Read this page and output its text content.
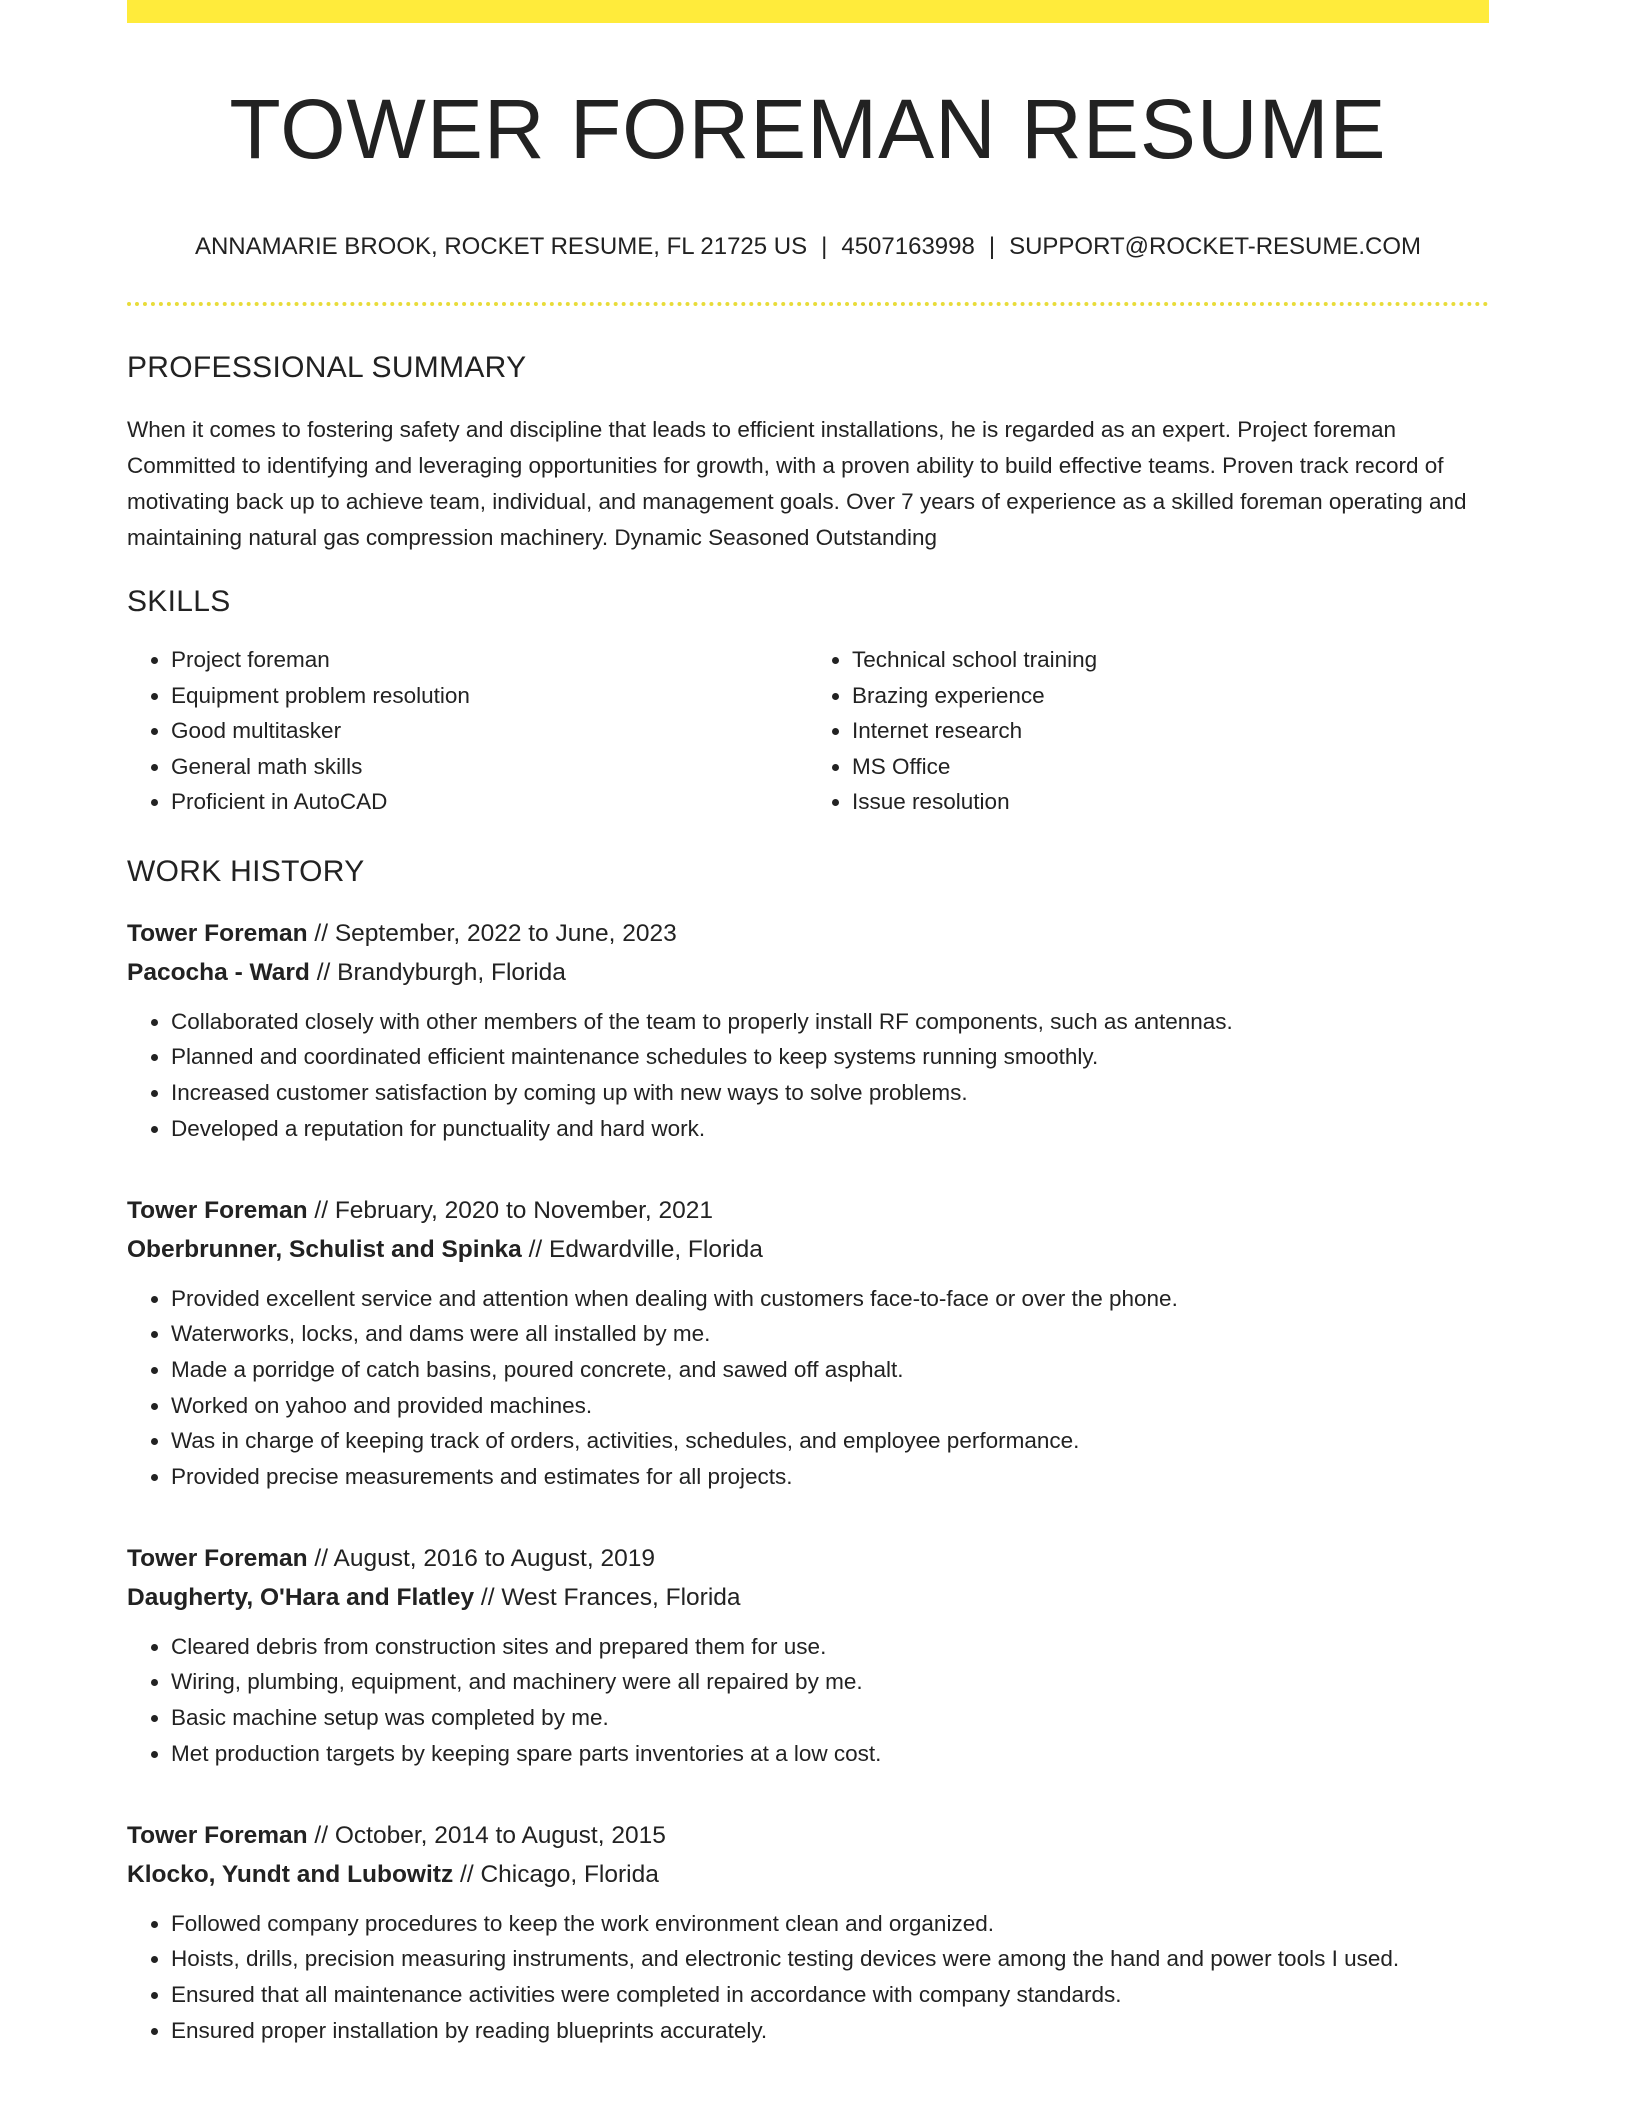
TOWER FOREMAN RESUME
ANNAMARIE BROOK, ROCKET RESUME, FL 21725 US | 4507163998 | SUPPORT@ROCKET-RESUME.COM
PROFESSIONAL SUMMARY

When it comes to fostering safety and discipline that leads to efficient installations, he is regarded as an expert. Project foreman Committed to identifying and leveraging opportunities for growth, with a proven ability to build effective teams. Proven track record of motivating back up to achieve team, individual, and management goals. Over 7 years of experience as a skilled foreman operating and maintaining natural gas compression machinery. Dynamic Seasoned Outstanding

SKILLS
• Project foreman
• Equipment problem resolution
• Good multitasker
• General math skills
• Proficient in AutoCAD
• Technical school training
• Brazing experience
• Internet research
• MS Office
• Issue resolution
WORK HISTORY
Tower Foreman // September, 2022 to June, 2023
Pacocha - Ward // Brandyburgh, Florida
• Collaborated closely with other members of the team to properly install RF components, such as antennas.
• Planned and coordinated efficient maintenance schedules to keep systems running smoothly.
• Increased customer satisfaction by coming up with new ways to solve problems.
• Developed a reputation for punctuality and hard work.
Tower Foreman // February, 2020 to November, 2021
Oberbrunner, Schulist and Spinka // Edwardville, Florida
• Provided excellent service and attention when dealing with customers face-to-face or over the phone.
• Waterworks, locks, and dams were all installed by me.
• Made a porridge of catch basins, poured concrete, and sawed off asphalt.
• Worked on yahoo and provided machines.
• Was in charge of keeping track of orders, activities, schedules, and employee performance.
• Provided precise measurements and estimates for all projects.
Tower Foreman // August, 2016 to August, 2019
Daugherty, O'Hara and Flatley // West Frances, Florida
• Cleared debris from construction sites and prepared them for use.
• Wiring, plumbing, equipment, and machinery were all repaired by me.
• Basic machine setup was completed by me.
• Met production targets by keeping spare parts inventories at a low cost.
Tower Foreman // October, 2014 to August, 2015
Klocko, Yundt and Lubowitz // Chicago, Florida
• Followed company procedures to keep the work environment clean and organized.
• Hoists, drills, precision measuring instruments, and electronic testing devices were among the hand and power tools I used.
• Ensured that all maintenance activities were completed in accordance with company standards.
• Ensured proper installation by reading blueprints accurately.
